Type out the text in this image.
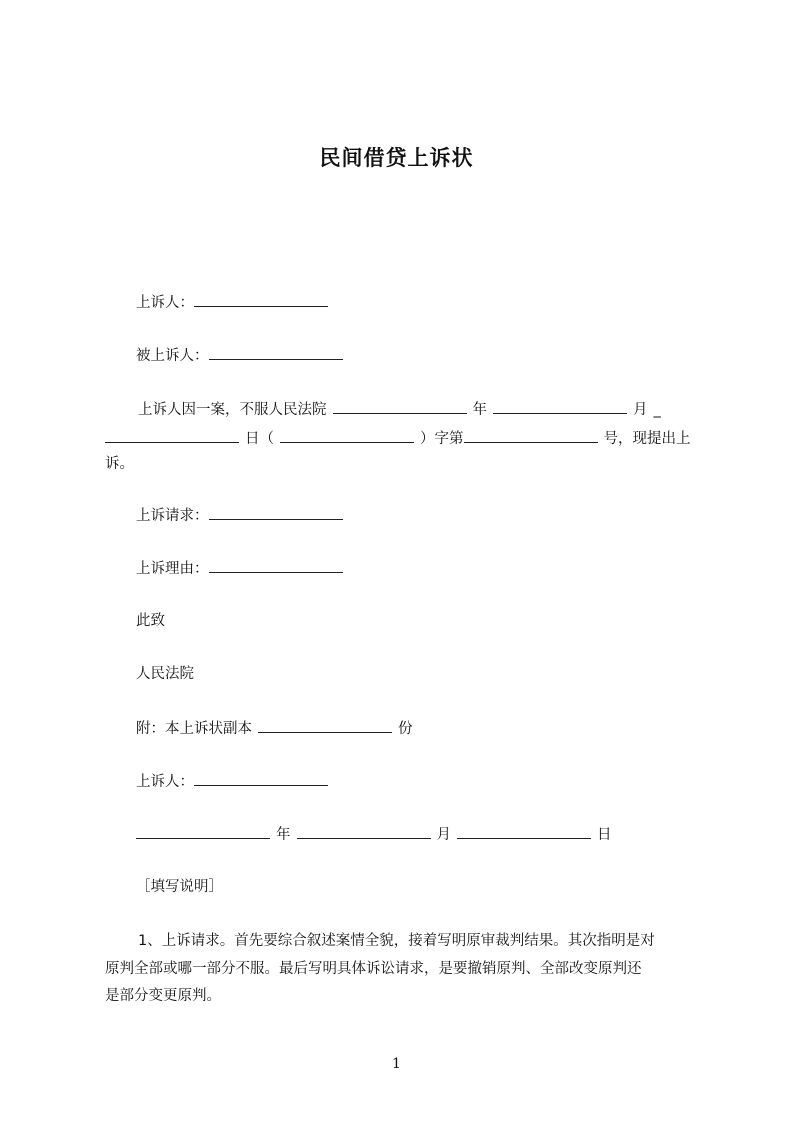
民间借贷上诉状
上诉人：
被上诉人：
上诉人因一案，不服人民法院	年	月 _
日（	）字第	号，现提出上
诉。
上诉请求：
上诉理由：
此致
人民法院
附：本上诉状副本	份
上诉人：
年	月	日
［填写说明］
1、上诉请求。首先要综合叙述案情全貌，接着写明原审裁判结果。其次指明是对
原判全部或哪一部分不服。最后写明具体诉讼请求，是要撤销原判、全部改变原判还
是部分变更原判。
1
